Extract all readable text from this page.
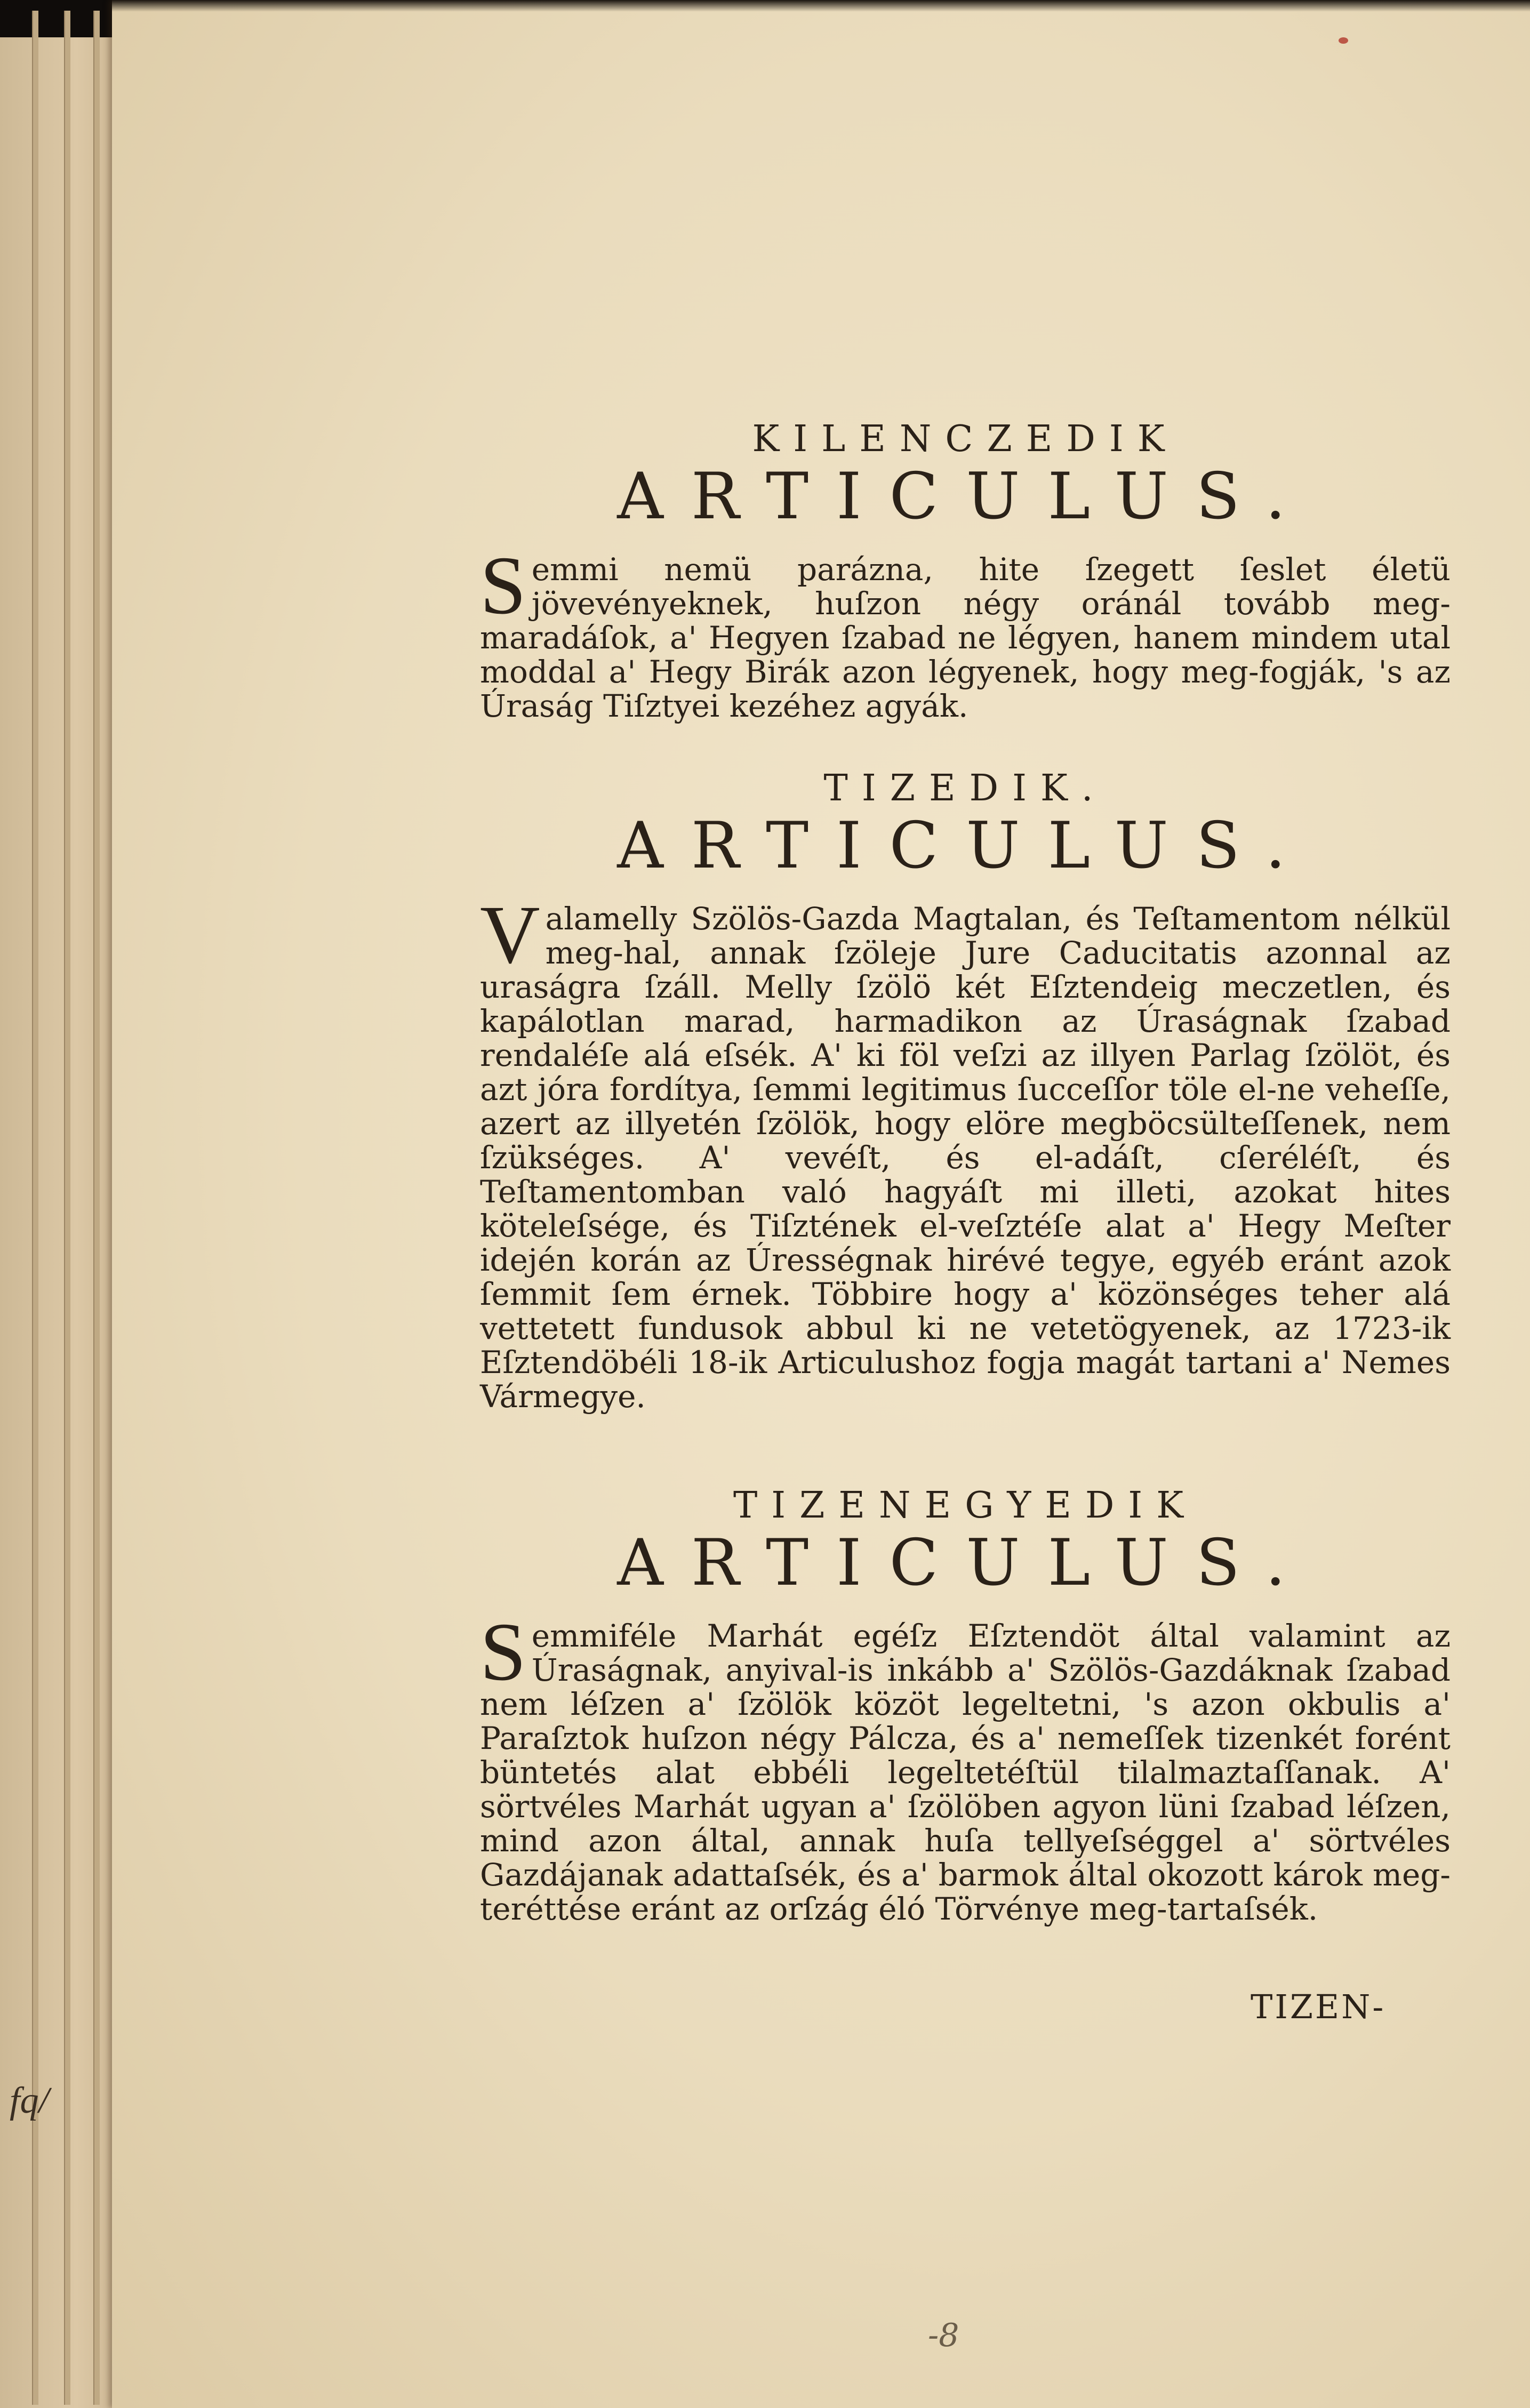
fq/
KILENCZEDIK
ARTICULUS.

Semmi nemü parázna, hite ſzegett ſeslet életü jövevényeknek, huſzon négy oránál tovább meg-maradáſok, a' Hegyen ſzabad ne légyen, hanem mindem utal moddal a' Hegy Birák azon légyenek, hogy meg-fogják, 's az Úraság Tiſztyei kezéhez agyák.

TIZEDIK.
ARTICULUS.

Valamelly Szölös-Gazda Magtalan, és Teſtamentom nélkül meg-hal, annak ſzöleje Jure Caducitatis azonnal az uraságra ſzáll. Melly ſzölö két Eſztendeig meczetlen, és kapálotlan marad, harmadikon az Úraságnak ſzabad rendaléſe alá eſsék. A' ki föl veſzi az illyen Parlag ſzölöt, és azt jóra fordítya, ſemmi legitimus ſucceſſor töle el-ne veheſſe, azert az illyetén ſzölök, hogy elöre megböcsülteſſenek, nem ſzükséges. A' vevéſt, és el-adáſt, cſeréléſt, és Teſtamentomban való hagyáſt mi illeti, azokat hites köteleſsége, és Tiſztének el-veſztéſe alat a' Hegy Meſter idején korán az Úrességnak hirévé tegye, egyéb eránt azok ſemmit ſem érnek. Többire hogy a' közönséges teher alá vettetett fundusok abbul ki ne vetetögyenek, az 1723-ik Eſztendöbéli 18-ik Articulushoz fogja magát tartani a' Nemes Vármegye.

TIZENEGYEDIK
ARTICULUS.

Semmiféle Marhát egéſz Eſztendöt által valamint az Úraságnak, anyival-is inkább a' Szölös-Gazdáknak ſzabad nem léſzen a' ſzölök közöt legeltetni, 's azon okbulis a' Paraſztok huſzon négy Pálcza, és a' nemeſſek tizenkét forént büntetés alat ebbéli legeltetéſtül tilalmaztaſſanak. A' sörtvéles Marhát ugyan a' ſzölöben agyon lüni ſzabad léſzen, mind azon által, annak huſa tellyeſséggel a' sörtvéles Gazdájanak adattaſsék, és a' barmok által okozott károk meg-teréttése eránt az orſzág éló Törvénye meg-tartaſsék.

TIZEN-
-8
